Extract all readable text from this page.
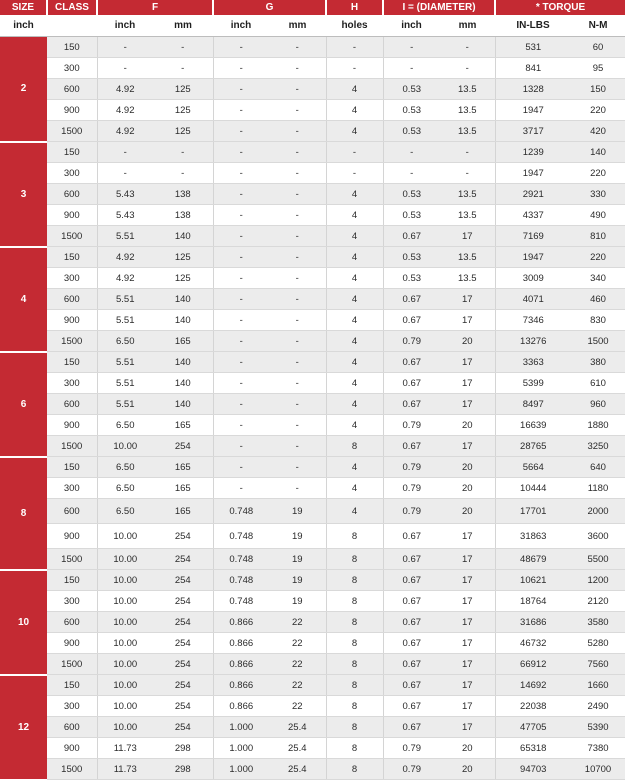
SIZE	CLASS	F		G		H	I = (DIAMETER)		* TORQUE	
inch		inch	mm	inch	mm	holes	inch	mm	IN-LBS	N-M
2	150	-	-	-	-	-	-	-	531	60
	300	-	-	-	-	-	-	-	841	95
	600	4.92	125	-	-	4	0.53	13.5	1328	150
	900	4.92	125	-	-	4	0.53	13.5	1947	220
	1500	4.92	125	-	-	4	0.53	13.5	3717	420
3	150	-	-	-	-	-	-	-	1239	140
	300	-	-	-	-	-	-	-	1947	220
	600	5.43	138	-	-	4	0.53	13.5	2921	330
	900	5.43	138	-	-	4	0.53	13.5	4337	490
	1500	5.51	140	-	-	4	0.67	17	7169	810
4	150	4.92	125	-	-	4	0.53	13.5	1947	220
	300	4.92	125	-	-	4	0.53	13.5	3009	340
	600	5.51	140	-	-	4	0.67	17	4071	460
	900	5.51	140	-	-	4	0.67	17	7346	830
	1500	6.50	165	-	-	4	0.79	20	13276	1500
6	150	5.51	140	-	-	4	0.67	17	3363	380
	300	5.51	140	-	-	4	0.67	17	5399	610
	600	5.51	140	-	-	4	0.67	17	8497	960
	900	6.50	165	-	-	4	0.79	20	16639	1880
	1500	10.00	254	-	-	8	0.67	17	28765	3250
8	150	6.50	165	-	-	4	0.79	20	5664	640
	300	6.50	165	-	-	4	0.79	20	10444	1180
	600	6.50	165	0.748	19	4	0.79	20	17701	2000
	900	10.00	254	0.748	19	8	0.67	17	31863	3600
	1500	10.00	254	0.748	19	8	0.67	17	48679	5500
10	150	10.00	254	0.748	19	8	0.67	17	10621	1200
	300	10.00	254	0.748	19	8	0.67	17	18764	2120
	600	10.00	254	0.866	22	8	0.67	17	31686	3580
	900	10.00	254	0.866	22	8	0.67	17	46732	5280
	1500	10.00	254	0.866	22	8	0.67	17	66912	7560
12	150	10.00	254	0.866	22	8	0.67	17	14692	1660
	300	10.00	254	0.866	22	8	0.67	17	22038	2490
	600	10.00	254	1.000	25.4	8	0.67	17	47705	5390
	900	11.73	298	1.000	25.4	8	0.79	20	65318	7380
	1500	11.73	298	1.000	25.4	8	0.79	20	94703	10700
